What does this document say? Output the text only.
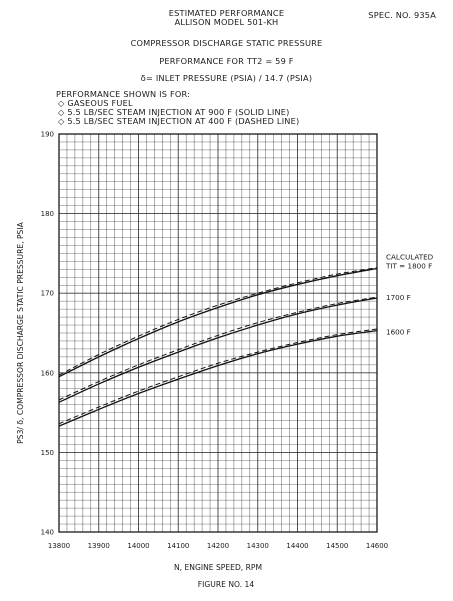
ESTIMATED PERFORMANCE
ALLISON MODEL 501-KH
SPEC. NO. 935A
COMPRESSOR DISCHARGE STATIC PRESSURE
PERFORMANCE FOR TT2 = 59 F
δ= INLET PRESSURE (PSIA) / 14.7 (PSIA)
PERFORMANCE SHOWN IS FOR:
◇ GASEOUS FUEL
◇ 5.5 LB/SEC STEAM INJECTION AT 900 F (SOLID LINE)
◇ 5.5 LB/SEC STEAM INJECTION AT 400 F (DASHED LINE)
13800 13900 14000 14100 14200 14300 14400 14500 14600
140
150
160
170
180
190
CALCULATED
TIT = 1800 F
1700 F
1600 F
N, ENGINE SPEED, RPM
PS3/ δ, COMPRESSOR DISCHARGE STATIC PRESSURE, PSIA
FIGURE NO. 14
